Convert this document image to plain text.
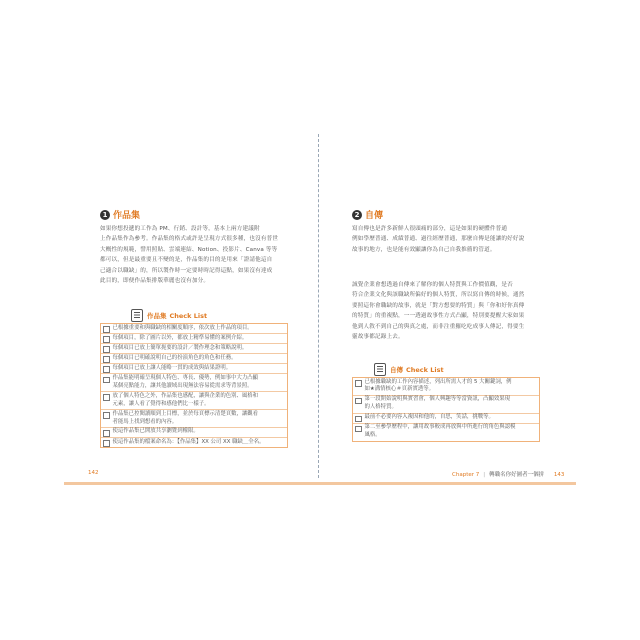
1 作品集
如果你想投遞的工作為 PM、行銷、設計等，基本上兩方建議附
上作品集作為參考。作品集的格式或許是呈現方式很多種，也沒有普世
大概性的規範，譬用照貼、雲端連結、Notion、投影片、Canva 等等
都可以，但是最重要且不變的是，作品集的目的是用來「證請他這自
己適合以職缺」的，所以製作時一定要時時記得這點，如果沒有達成
此目的，即便作品集排版華麗也沒有加分。
作品集 Check List
已根據重要和與職缺的相關度順序，依次放上作品的項目。
每個項目，除了圖片以外，都放上精準易懂的案例介紹。
每個項目已放上簡單扼要的設計／製作理念和策略說明。
每個項目已明確說明自己的扮演角色的角色和任務。
每個項目已放上讓人能略一貫的成效與結果證明。
作品集能明確呈現個人特色、專長、優勢，例如事中大力凸顯
某個亮點能力，讓其他讀域出現無法容易從需求等背景照。
放了個人特色之外，作品集也感配，讓與企業的色別、風格和
元素，讓人看了覺得和感他們比一樣子。
作品集已控閱讀順到上目標，並於每頁標示清楚頁數，讓觀看
者能馬上找到想看的內容。
使這作品集已開放共享瀏覽到權限。
使這作品集的檔案命名為：【作品集】XX 公司 XX 職缺＿全名。
142
2 自傳
寫自傳也是許多新鮮人很頭痛的部分，這是如果的硬體件普通
例如學歷普通、成績普通、過往經歷普通，那麼自傳是能讓的好好說
故事的地方，也是能有效顯讓你為自己自我推薦的管道。
誠覺企業會想透過自傳來了解你的個人特質與工作價值觀，是否
符合企業文化與該職缺所偏好的個人特質，所以寫自傳的時候，通然
要照這你會職缺的故事，就是「對方想要的特質」與「你和好你真傳
的特質」的重複點，一一透過故事性方式凸顯，特別要提醒大家如果
他到人敘不到自己的與真之處，而非注重羅吃吃成事人傳記，得要生
靈故事都記錄上去。
自傳 Check List
已根據職缺的工作內容描述，列出所需人才的 5 大關鍵詞，例
如★溝情核心＃頁新實透等。
第一段開始說明與實習會，個人興趣等等當資訊，凸顯效果現
的人格特質。
最前不必要內容入複因和他的，自思，笑話，挑戰等。
第二至參學歷程中，讓用故事較成再放與中所進行的角色與認模
風格。
Chapter 7 | 轉職名你好圖者一個拼 143
